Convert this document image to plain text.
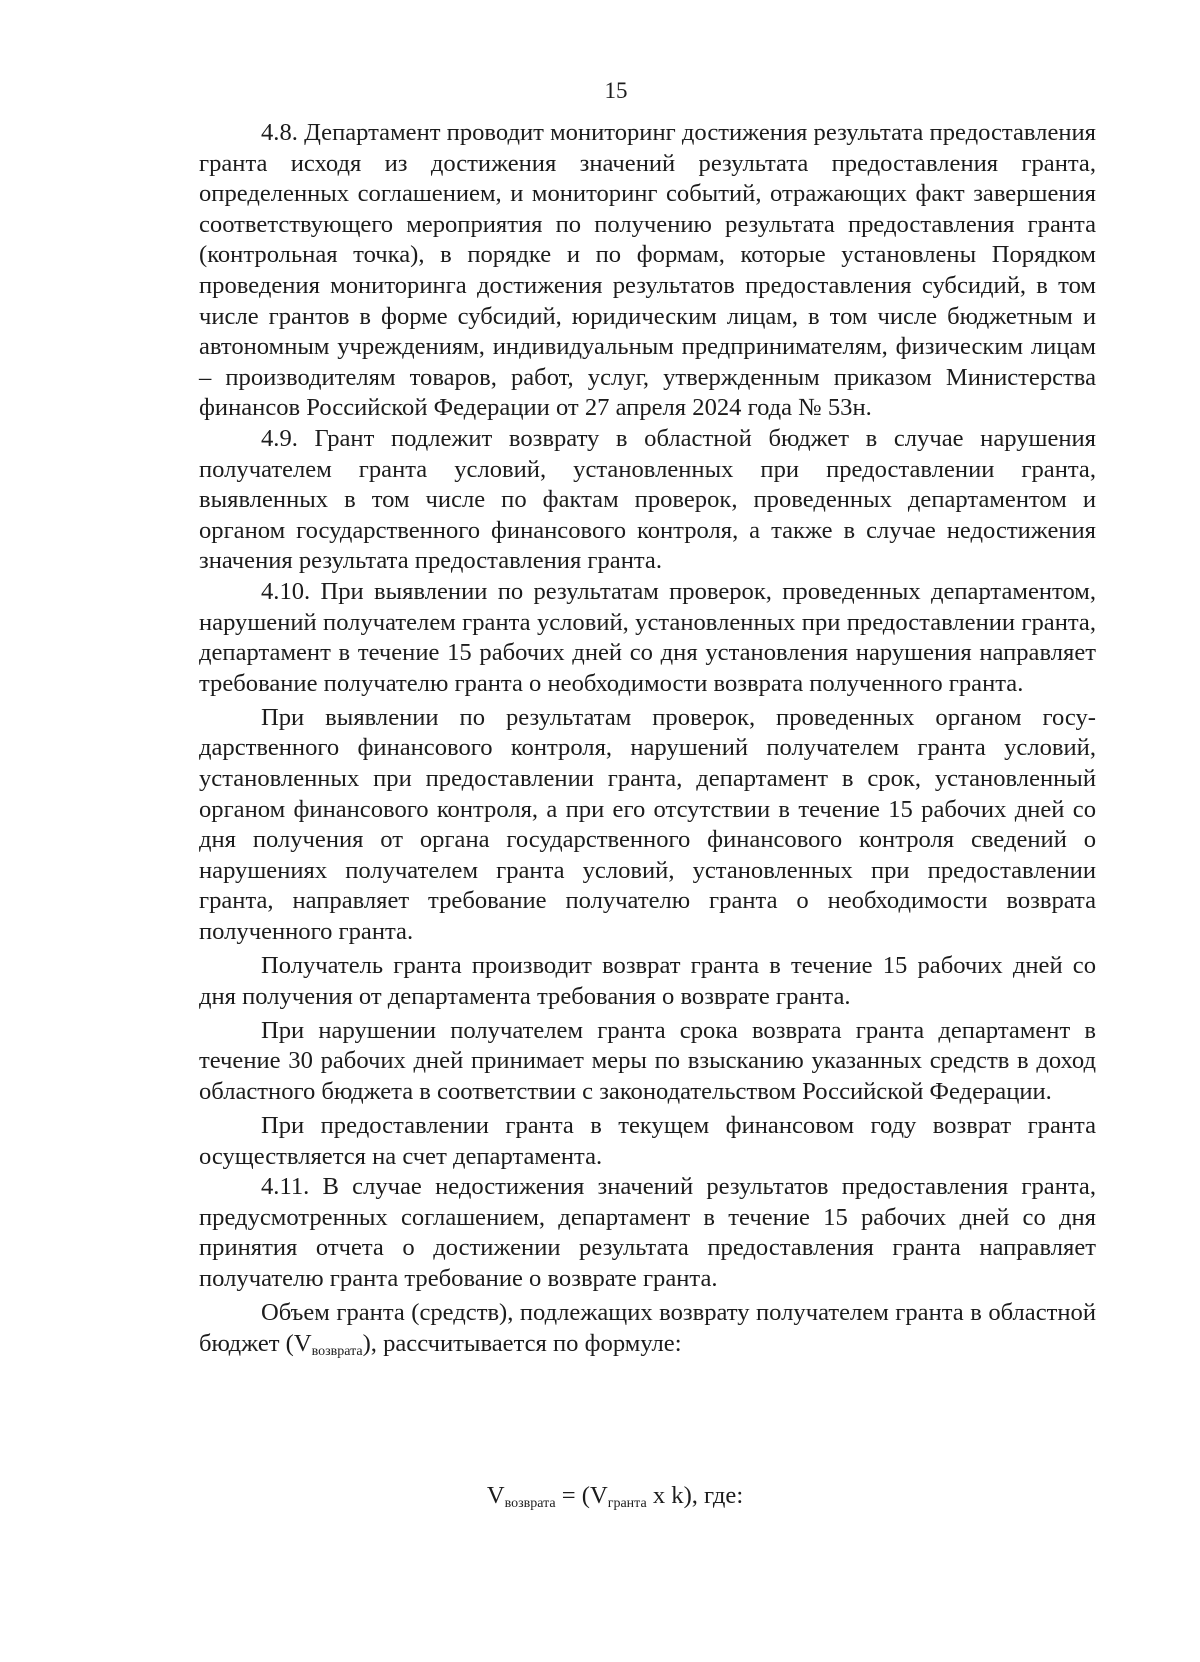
15

4.8. Департамент проводит мониторинг достижения результата предоставления гранта исходя из достижения значений результата предоставления гранта, определенных соглашением, и мониторинг событий, отражающих факт завершения соответствующего мероприятия по получению результата предоставления гранта (контрольная точка), в порядке и по формам, которые установлены Порядком проведения мониторинга достижения результатов предоставления субсидий, в том числе грантов в форме субсидий, юридическим лицам, в том числе бюджетным и автономным учреждениям, индивидуальным предпринимателям, физическим лицам – производителям товаров, работ, услуг, утвержденным приказом Министерства финансов Российской Федерации от 27 апреля 2024 года № 53н.

4.9. Грант подлежит возврату в областной бюджет в случае нарушения получателем гранта условий, установленных при предоставлении гранта, выявленных в том числе по фактам проверок, проведенных департаментом и органом государственного финансового контроля, а также в случае недостижения значения результата предоставления гранта.

4.10. При выявлении по результатам проверок, проведенных департаментом, нарушений получателем гранта условий, установленных при предоставлении гранта, департамент в течение 15 рабочих дней со дня установления нарушения направляет требование получателю гранта о необходимости возврата полученного гранта.

При выявлении по результатам проверок, проведенных органом государственного финансового контроля, нарушений получателем гранта условий, установленных при предоставлении гранта, департамент в срок, установленный органом финансового контроля, а при его отсутствии в течение 15 рабочих дней со дня получения от органа государственного финансового контроля сведений о нарушениях получателем гранта условий, установленных при предоставлении гранта, направляет требование получателю гранта о необходимости возврата полученного гранта.

Получатель гранта производит возврат гранта в течение 15 рабочих дней со дня получения от департамента требования о возврате гранта.

При нарушении получателем гранта срока возврата гранта департамент в течение 30 рабочих дней принимает меры по взысканию указанных средств в доход областного бюджета в соответствии с законодательством Российской Федерации.

При предоставлении гранта в текущем финансовом году возврат гранта осуществляется на счет департамента.

4.11. В случае недостижения значений результатов предоставления гранта, предусмотренных соглашением, департамент в течение 15 рабочих дней со дня принятия отчета о достижении результата предоставления гранта направляет получателю гранта требование о возврате гранта.

Объем гранта (средств), подлежащих возврату получателем гранта в областной бюджет $(V_{возврата})$, рассчитывается по формуле:

$V_{возврата} = (V_{гранта}$ x k), где:
